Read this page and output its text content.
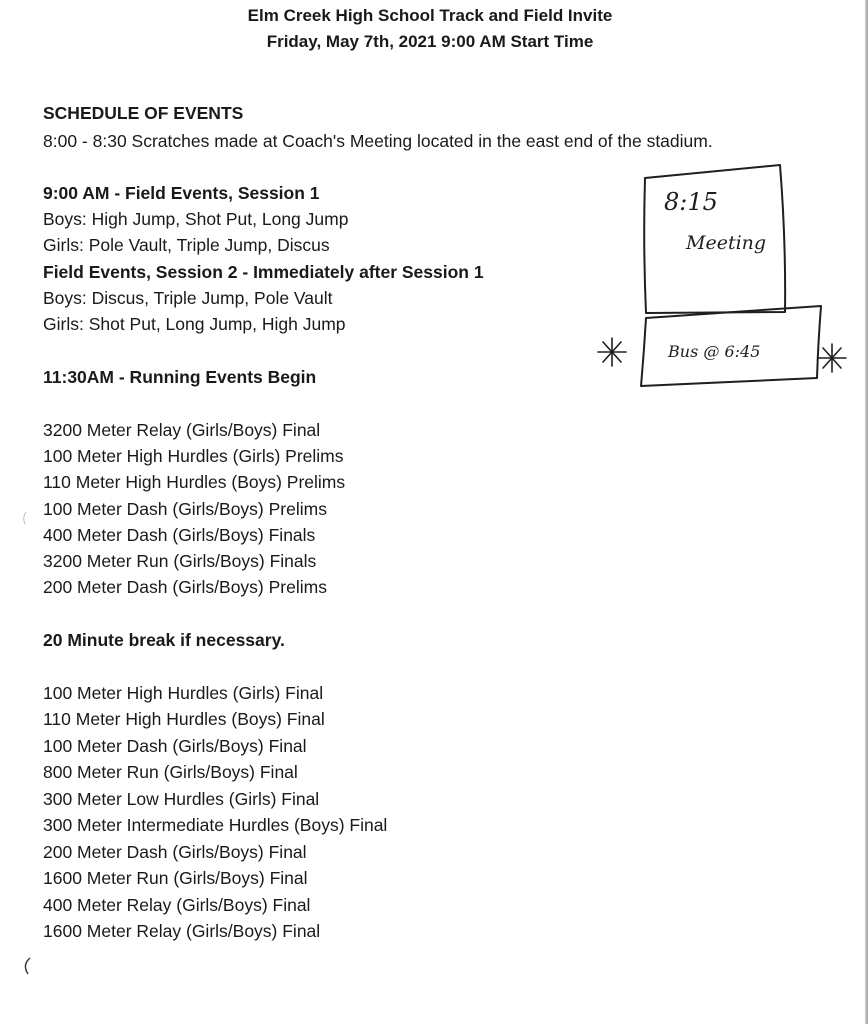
Elm Creek High School Track and Field Invite
Friday, May 7th, 2021 9:00 AM Start Time
SCHEDULE OF EVENTS
8:00 - 8:30 Scratches made at Coach's Meeting located in the east end of the stadium.
9:00 AM - Field Events, Session 1
Boys: High Jump, Shot Put, Long Jump
Girls: Pole Vault, Triple Jump, Discus
Field Events, Session 2 - Immediately after Session 1
Boys: Discus, Triple Jump, Pole Vault
Girls: Shot Put, Long Jump, High Jump
11:30AM - Running Events Begin
3200 Meter Relay (Girls/Boys) Final
100 Meter High Hurdles (Girls) Prelims
110 Meter High Hurdles (Boys) Prelims
100 Meter Dash (Girls/Boys) Prelims
400 Meter Dash (Girls/Boys) Finals
3200 Meter Run (Girls/Boys) Finals
200 Meter Dash (Girls/Boys) Prelims
20 Minute break if necessary.
100 Meter High Hurdles (Girls) Final
110 Meter High Hurdles (Boys) Final
100 Meter Dash (Girls/Boys) Final
800 Meter Run (Girls/Boys) Final
300 Meter Low Hurdles (Girls) Final
300 Meter Intermediate Hurdles (Boys) Final
200 Meter Dash (Girls/Boys) Final
1600 Meter Run (Girls/Boys) Final
400 Meter Relay (Girls/Boys) Final
1600 Meter Relay (Girls/Boys) Final
8:15
Meeting
Bus @ 6:45
